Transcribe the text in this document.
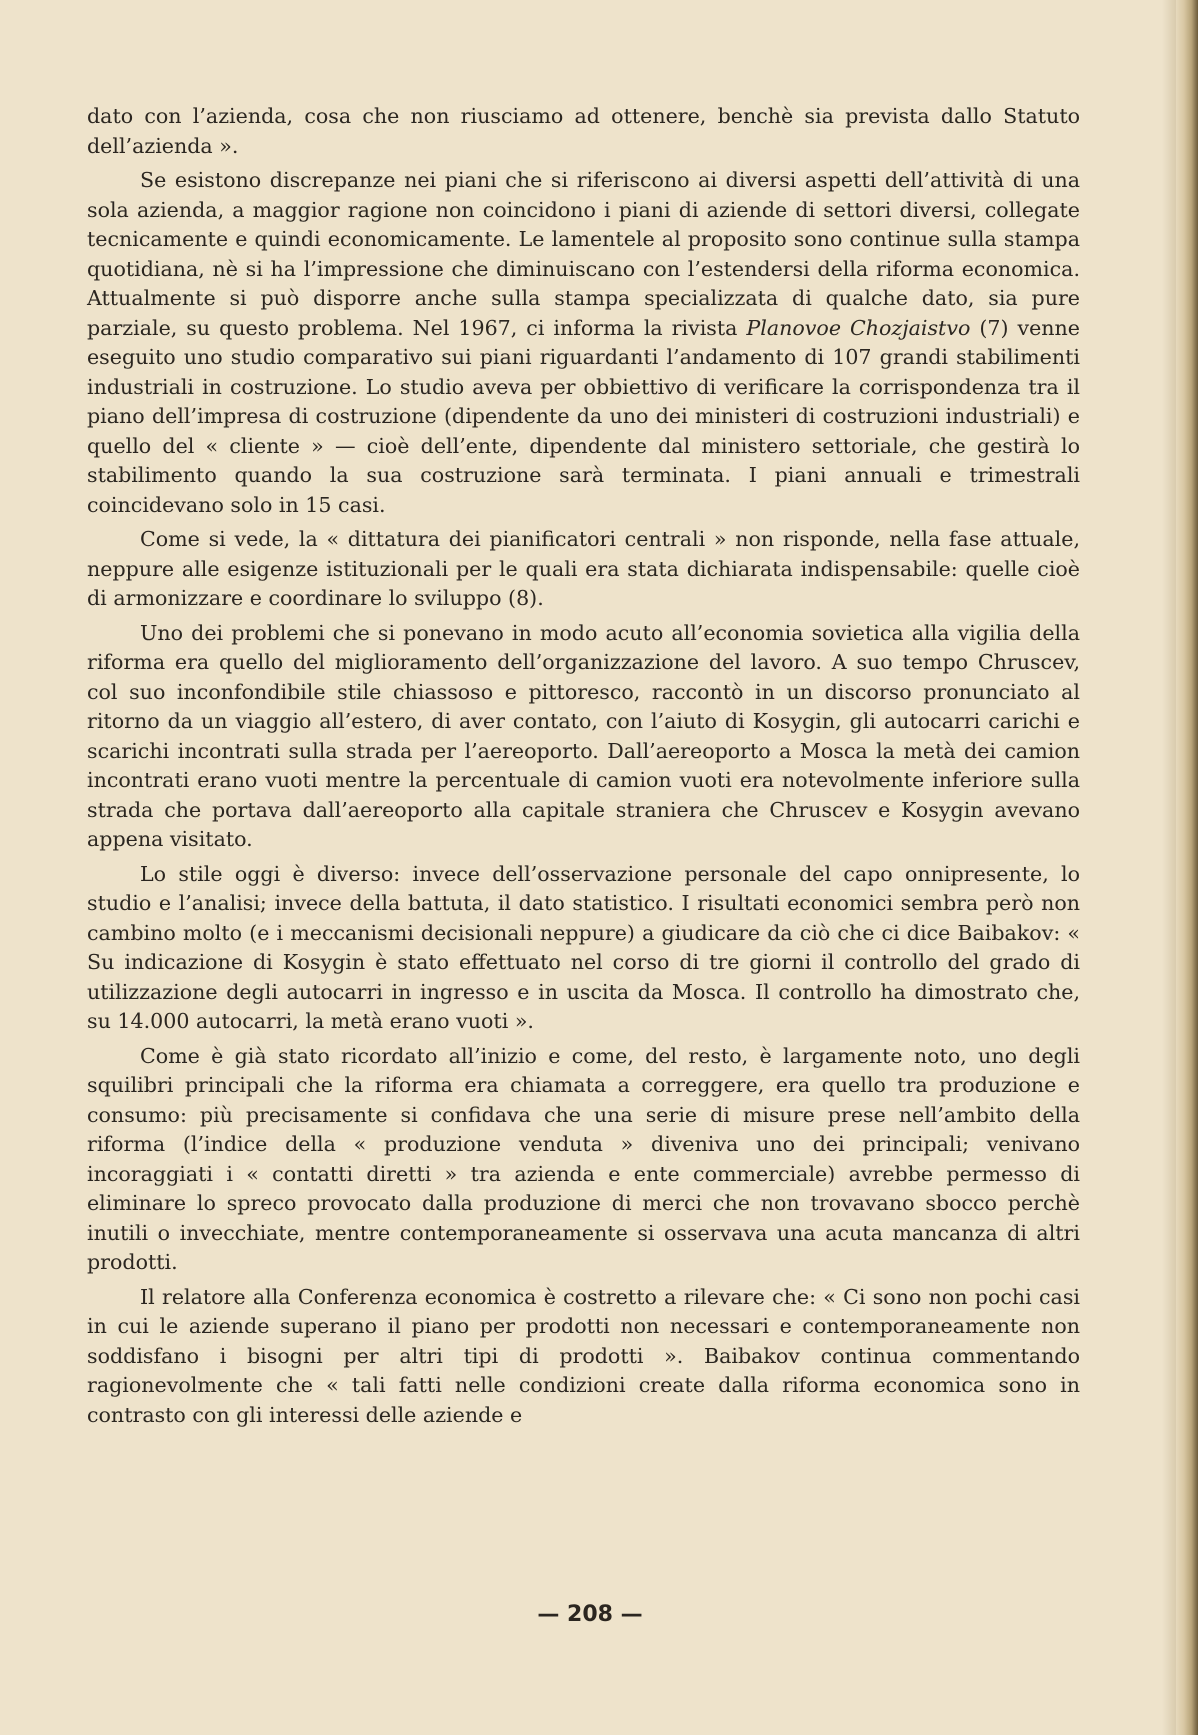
dato con l’azienda, cosa che non riusciamo ad ottenere, benchè sia prevista dallo Statuto dell’azienda ».

Se esistono discrepanze nei piani che si riferiscono ai diversi aspetti dell’attività di una sola azienda, a maggior ragione non coincidono i piani di aziende di settori diversi, collegate tecnicamente e quindi economicamente. Le lamentele al proposito sono continue sulla stampa quotidiana, nè si ha l’impressione che diminuiscano con l’estendersi della riforma economica. Attualmente si può disporre anche sulla stampa specializzata di qualche dato, sia pure parziale, su questo problema. Nel 1967, ci informa la rivista Planovoe Chozjaistvo (7) venne eseguito uno studio comparativo sui piani riguardanti l’andamento di 107 grandi stabilimenti industriali in costruzione. Lo studio aveva per obbiettivo di verificare la corrispondenza tra il piano dell’impresa di costruzione (dipendente da uno dei ministeri di costruzioni industriali) e quello del « cliente » — cioè dell’ente, dipendente dal ministero settoriale, che gestirà lo stabilimento quando la sua costruzione sarà terminata. I piani annuali e trimestrali coincidevano solo in 15 casi.

Come si vede, la « dittatura dei pianificatori centrali » non risponde, nella fase attuale, neppure alle esigenze istituzionali per le quali era stata dichiarata indispensabile: quelle cioè di armonizzare e coordinare lo sviluppo (8).

Uno dei problemi che si ponevano in modo acuto all’economia sovietica alla vigilia della riforma era quello del miglioramento dell’organizzazione del lavoro. A suo tempo Chruscev, col suo inconfondibile stile chiassoso e pittoresco, raccontò in un discorso pronunciato al ritorno da un viaggio all’estero, di aver contato, con l’aiuto di Kosygin, gli autocarri carichi e scarichi incontrati sulla strada per l’aereoporto. Dall’aereoporto a Mosca la metà dei camion incontrati erano vuoti mentre la percentuale di camion vuoti era notevolmente inferiore sulla strada che portava dall’aereoporto alla capitale straniera che Chruscev e Kosygin avevano appena visitato.

Lo stile oggi è diverso: invece dell’osservazione personale del capo onnipresente, lo studio e l’analisi; invece della battuta, il dato statistico. I risultati economici sembra però non cambino molto (e i meccanismi decisionali neppure) a giudicare da ciò che ci dice Baibakov: « Su indicazione di Kosygin è stato effettuato nel corso di tre giorni il controllo del grado di utilizzazione degli autocarri in ingresso e in uscita da Mosca. Il controllo ha dimostrato che, su 14.000 autocarri, la metà erano vuoti ».

Come è già stato ricordato all’inizio e come, del resto, è largamente noto, uno degli squilibri principali che la riforma era chiamata a correggere, era quello tra produzione e consumo: più precisamente si confidava che una serie di misure prese nell’ambito della riforma (l’indice della « produzione venduta » diveniva uno dei principali; venivano incoraggiati i « contatti diretti » tra azienda e ente commerciale) avrebbe permesso di eliminare lo spreco provocato dalla produzione di merci che non trovavano sbocco perchè inutili o invecchiate, mentre contemporaneamente si osservava una acuta mancanza di altri prodotti.

Il relatore alla Conferenza economica è costretto a rilevare che: « Ci sono non pochi casi in cui le aziende superano il piano per prodotti non necessari e contemporaneamente non soddisfano i bisogni per altri tipi di prodotti ». Baibakov continua commentando ragionevolmente che « tali fatti nelle condizioni create dalla riforma economica sono in contrasto con gli interessi delle aziende e

— 208 —
